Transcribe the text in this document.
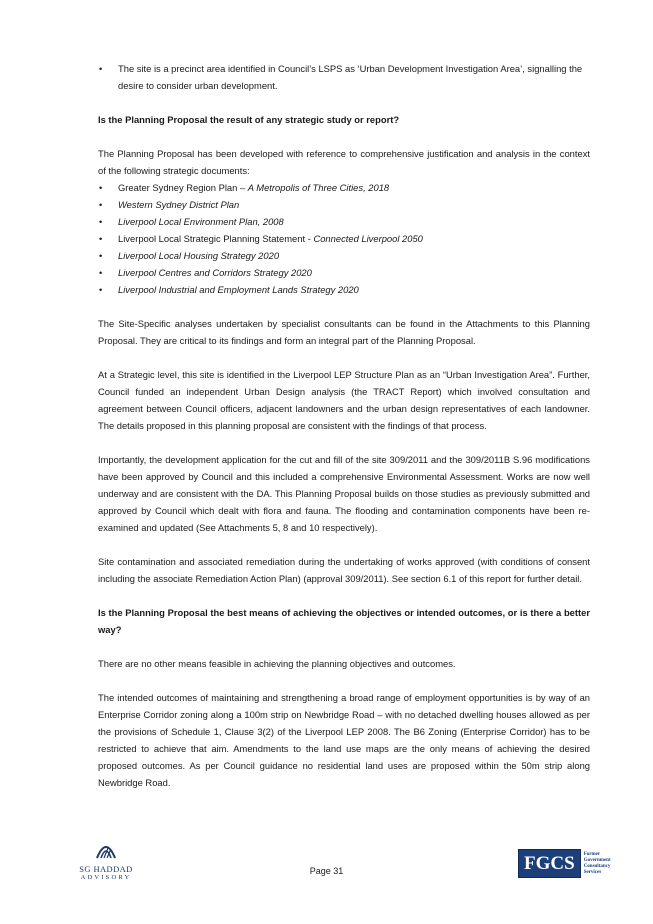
• The site is a precinct area identified in Council’s LSPS as ‘Urban Development Investigation Area’, signalling the desire to consider urban development.

Is the Planning Proposal the result of any strategic study or report?

The Planning Proposal has been developed with reference to comprehensive justification and analysis in the context of the following strategic documents:

• Greater Sydney Region Plan – A Metropolis of Three Cities, 2018
• Western Sydney District Plan
• Liverpool Local Environment Plan, 2008
• Liverpool Local Strategic Planning Statement - Connected Liverpool 2050
• Liverpool Local Housing Strategy 2020
• Liverpool Centres and Corridors Strategy 2020
• Liverpool Industrial and Employment Lands Strategy 2020

The Site-Specific analyses undertaken by specialist consultants can be found in the Attachments to this Planning Proposal. They are critical to its findings and form an integral part of the Planning Proposal.

At a Strategic level, this site is identified in the Liverpool LEP Structure Plan as an “Urban Investigation Area”. Further, Council funded an independent Urban Design analysis (the TRACT Report) which involved consultation and agreement between Council officers, adjacent landowners and the urban design representatives of each landowner. The details proposed in this planning proposal are consistent with the findings of that process.

Importantly, the development application for the cut and fill of the site 309/2011 and the 309/2011B S.96 modifications have been approved by Council and this included a comprehensive Environmental Assessment. Works are now well underway and are consistent with the DA. This Planning Proposal builds on those studies as previously submitted and approved by Council which dealt with flora and fauna. The flooding and contamination components have been re-examined and updated (See Attachments 5, 8 and 10 respectively).

Site contamination and associated remediation during the undertaking of works approved (with conditions of consent including the associate Remediation Action Plan) (approval 309/2011). See section 6.1 of this report for further detail.

Is the Planning Proposal the best means of achieving the objectives or intended outcomes, or is there a better way?

There are no other means feasible in achieving the planning objectives and outcomes.

The intended outcomes of maintaining and strengthening a broad range of employment opportunities is by way of an Enterprise Corridor zoning along a 100m strip on Newbridge Road – with no detached dwelling houses allowed as per the provisions of Schedule 1, Clause 3(2) of the Liverpool LEP 2008. The B6 Zoning (Enterprise Corridor) has to be restricted to achieve that aim. Amendments to the land use maps are the only means of achieving the desired proposed outcomes. As per Council guidance no residential land uses are proposed within the 50m strip along Newbridge Road.

SG HADDAD
ADVISORY
Page 31	FGCS	Former
Government
Consultancy
Services
